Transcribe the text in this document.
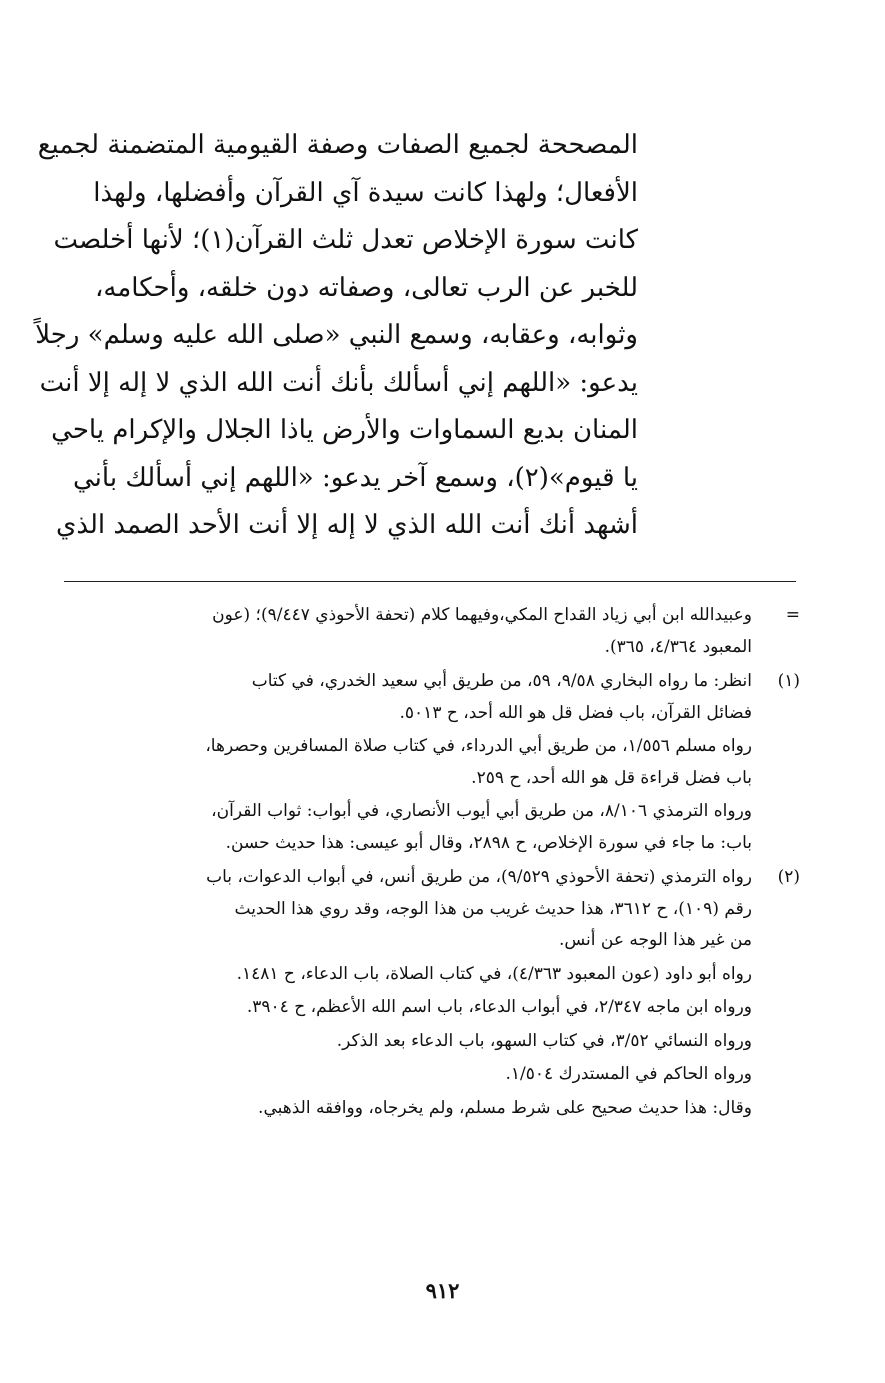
المصححة لجميع الصفات وصفة القيومية المتضمنة لجميع
الأفعال؛ ولهذا كانت سيدة آي القرآن وأفضلها، ولهذا
كانت سورة الإخلاص تعدل ثلث القرآن(١)؛ لأنها أخلصت
للخبر عن الرب تعالى، وصفاته دون خلقه، وأحكامه،
وثوابه، وعقابه، وسمع النبي «صلى الله عليه وسلم» رجلاً
يدعو: «اللهم إني أسألك بأنك أنت الله الذي لا إله إلا أنت
المنان بديع السماوات والأرض ياذا الجلال والإكرام ياحي
يا قيوم»(٢)، وسمع آخر يدعو: «اللهم إني أسألك بأني
أشهد أنك أنت الله الذي لا إله إلا أنت الأحد الصمد الذي
=
وعبيدالله ابن أبي زياد القداح المكي،وفيهما كلام (تحفة الأحوذي ٩/٤٤٧)؛ (عون
المعبود ٤/٣٦٤، ٣٦٥).
(١)
انظر: ما رواه البخاري ٩/٥٨، ٥٩، من طريق أبي سعيد الخدري، في كتاب
فضائل القرآن، باب فضل قل هو الله أحد، ح ٥٠١٣.
رواه مسلم ١/٥٥٦، من طريق أبي الدرداء، في كتاب صلاة المسافرين وحصرها،
باب فضل قراءة قل هو الله أحد، ح ٢٥٩.
ورواه الترمذي ٨/١٠٦، من طريق أبي أيوب الأنصاري، في أبواب: ثواب القرآن،
باب: ما جاء في سورة الإخلاص، ح ٢٨٩٨، وقال أبو عيسى: هذا حديث حسن.
(٢)
رواه الترمذي (تحفة الأحوذي ٩/٥٢٩)، من طريق أنس، في أبواب الدعوات، باب
رقم (١٠٩)، ح ٣٦١٢، هذا حديث غريب من هذا الوجه، وقد روي هذا الحديث
من غير هذا الوجه عن أنس.
رواه أبو داود (عون المعبود ٤/٣٦٣)، في كتاب الصلاة، باب الدعاء، ح ١٤٨١.
ورواه ابن ماجه ٢/٣٤٧، في أبواب الدعاء، باب اسم الله الأعظم، ح ٣٩٠٤.
ورواه النسائي ٣/٥٢، في كتاب السهو، باب الدعاء بعد الذكر.
ورواه الحاكم في المستدرك ١/٥٠٤.
وقال: هذا حديث صحيح على شرط مسلم، ولم يخرجاه، ووافقه الذهبي.
٩١٢
